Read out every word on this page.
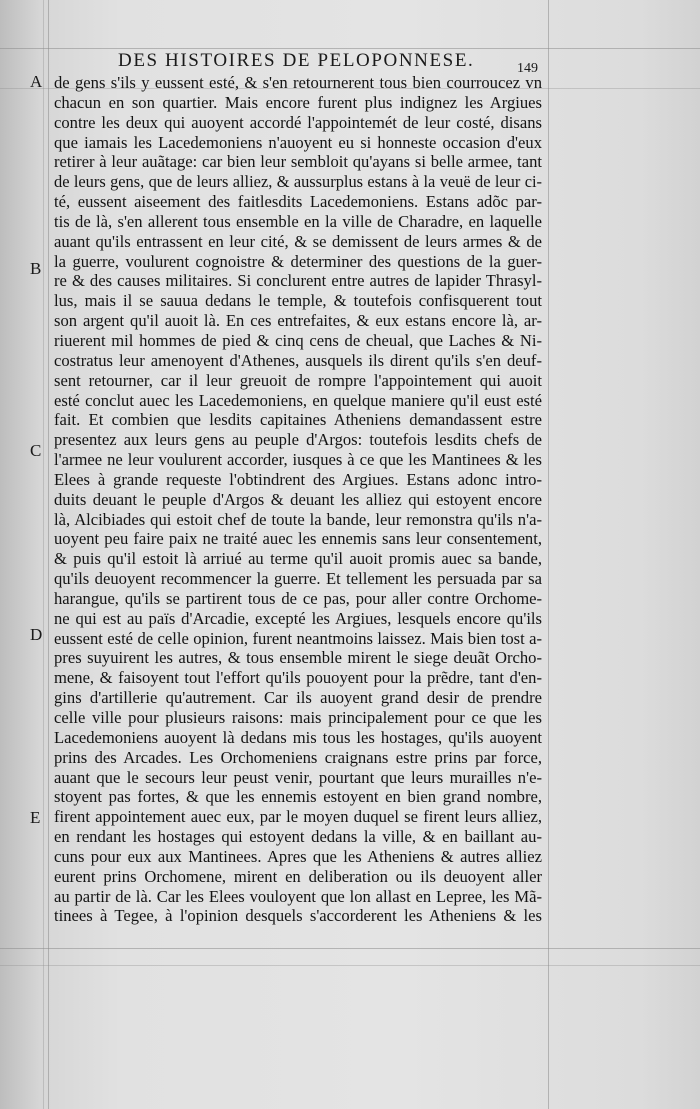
DES HISTOIRES DE PELOPONNESE.	149
A
B
C
D
E
de gens s'ils y eussent esté, & s'en retournerent tous bien courroucez vn
chacun en son quartier. Mais encore furent plus indignez les Argiues
contre les deux qui auoyent accordé l'appointemét de leur costé, disans
que iamais les Lacedemoniens n'auoyent eu si honneste occasion d'eux
retirer à leur auãtage: car bien leur sembloit qu'ayans si belle armee, tant
de leurs gens, que de leurs alliez, & aussurplus estans à la veuë de leur ci-
té, eussent aiseement des faitlesdits Lacedemoniens. Estans adõc par-
tis de là, s'en allerent tous ensemble en la ville de Charadre, en laquelle
auant qu'ils entrassent en leur cité, & se demissent de leurs armes & de
la guerre, voulurent cognoistre & determiner des questions de la guer-
re & des causes militaires. Si conclurent entre autres de lapider Thrasyl-
lus, mais il se sauua dedans le temple, & toutefois confisquerent tout
son argent qu'il auoit là. En ces entrefaites, & eux estans encore là, ar-
riuerent mil hommes de pied & cinq cens de cheual, que Laches & Ni-
costratus leur amenoyent d'Athenes, ausquels ils dirent qu'ils s'en deuf-
sent retourner, car il leur greuoit de rompre l'appointement qui auoit
esté conclut auec les Lacedemoniens, en quelque maniere qu'il eust esté
fait. Et combien que lesdits capitaines Atheniens demandassent estre
presentez aux leurs gens au peuple d'Argos: toutefois lesdits chefs de
l'armee ne leur voulurent accorder, iusques à ce que les Mantinees & les
Elees à grande requeste l'obtindrent des Argiues. Estans adonc intro-
duits deuant le peuple d'Argos & deuant les alliez qui estoyent encore
là, Alcibiades qui estoit chef de toute la bande, leur remonstra qu'ils n'a-
uoyent peu faire paix ne traité auec les ennemis sans leur consentement,
& puis qu'il estoit là arriué au terme qu'il auoit promis auec sa bande,
qu'ils deuoyent recommencer la guerre. Et tellement les persuada par sa
harangue, qu'ils se partirent tous de ce pas, pour aller contre Orchome-
ne qui est au païs d'Arcadie, excepté les Argiues, lesquels encore qu'ils
eussent esté de celle opinion, furent neantmoins laissez. Mais bien tost a-
pres suyuirent les autres, & tous ensemble mirent le siege deuãt Orcho-
mene, & faisoyent tout l'effort qu'ils pouoyent pour la prẽdre, tant d'en-
gins d'artillerie qu'autrement. Car ils auoyent grand desir de prendre
celle ville pour plusieurs raisons: mais principalement pour ce que les
Lacedemoniens auoyent là dedans mis tous les hostages, qu'ils auoyent
prins des Arcades. Les Orchomeniens craignans estre prins par force,
auant que le secours leur peust venir, pourtant que leurs murailles n'e-
stoyent pas fortes, & que les ennemis estoyent en bien grand nombre,
firent appointement auec eux, par le moyen duquel se firent leurs alliez,
en rendant les hostages qui estoyent dedans la ville, & en baillant au-
cuns pour eux aux Mantinees. Apres que les Atheniens & autres alliez
eurent prins Orchomene, mirent en deliberation ou ils deuoyent aller
au partir de là. Car les Elees vouloyent que lon allast en Lepree, les Mã-
tinees à Tegee, à l'opinion desquels s'accorderent les Atheniens & les
